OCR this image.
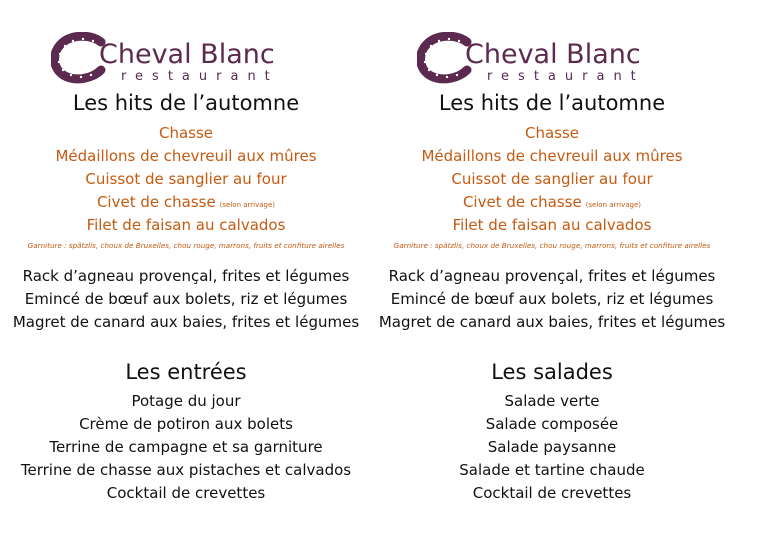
Cheval Blanc
restaurant
Les hits de l’automne
Chasse
Médaillons de chevreuil aux mûres
Cuissot de sanglier au four
Civet de chasse (selon arrivage)
Filet de faisan au calvados
Garniture : spätzlis, choux de Bruxelles, chou rouge, marrons, fruits et confiture airelles
Rack d’agneau provençal, frites et légumes
Emincé de bœuf aux bolets, riz et légumes
Magret de canard aux baies, frites et légumes
Les entrées
Potage du jour
Crème de potiron aux bolets
Terrine de campagne et sa garniture
Terrine de chasse aux pistaches et calvados
Cocktail de crevettes
Cheval Blanc
restaurant
Les hits de l’automne
Chasse
Médaillons de chevreuil aux mûres
Cuissot de sanglier au four
Civet de chasse (selon arrivage)
Filet de faisan au calvados
Garniture : spätzlis, choux de Bruxelles, chou rouge, marrons, fruits et confiture airelles
Rack d’agneau provençal, frites et légumes
Emincé de bœuf aux bolets, riz et légumes
Magret de canard aux baies, frites et légumes
Les salades
Salade verte
Salade composée
Salade paysanne
Salade et tartine chaude
Cocktail de crevettes
